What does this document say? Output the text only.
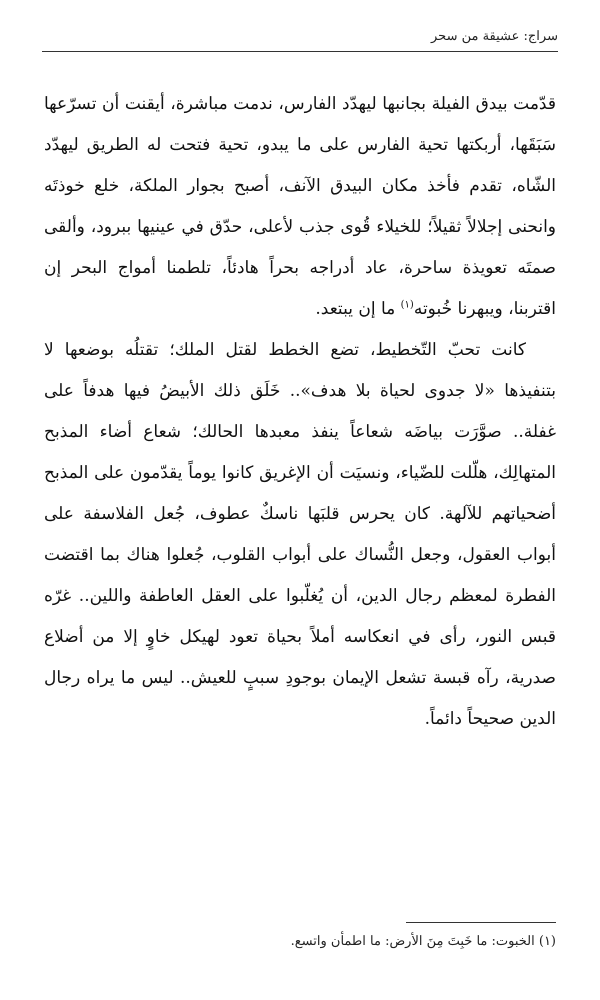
سراج: عشيقة من سحر

قدّمت بيدق الفيلة بجانبها ليهدّد الفارس، ندمت مباشرة، أيقنت أن تسرّعها سَبَقَها، أربكتها تحية الفارس على ما يبدو، تحية فتحت له الطريق ليهدّد الشّاه، تقدم فأخذ مكان البيدق الآنف، أصبح بجوار الملكة، خلع خوذتَه وانحنى إجلالاً ثقيلاً؛ للخيلاء قُوى جذب لأعلى، حدّق في عينيها ببرود، وألقى صمتَه تعويذة ساحرة، عاد أدراجه بحراً هادئاً، تلطمنا أمواج البحر إن اقتربنا، ويبهرنا خُبوته$^{(١)}$ ما إن يبتعد.

كانت تحبّ التّخطيط، تضع الخطط لقتل الملك؛ تقتلُه بوضعها لا بتنفيذها «لا جدوى لحياة بلا هدف».. خَلَق ذلك الأبيضُ فيها هدفاً على غفلة.. صوَّرَت بياضَه شعاعاً ينفذ معبدها الحالك؛ شعاع أضاء المذبح المتهالِك، هلّلت للضّياء، ونسيَت أن الإغريق كانوا يوماً يقدّمون على المذبح أضحياتهم للآلهة. كان يحرس قلبَها ناسكٌ عطوف، جُعل الفلاسفة على أبواب العقول، وجعل النُّساك على أبواب القلوب، جُعلوا هناك بما اقتضت الفطرة لمعظم رجال الدين، أن يُغلّبوا على العقل العاطفة واللين.. غرّه قبس النور، رأى في انعكاسه أملاً بحياة تعود لهيكل خاوٍ إلا من أضلاع صدرية، رآه قبسة تشعل الإيمان بوجودِ سببٍ للعيش.. ليس ما يراه رجال الدين صحيحاً دائماً.

(١) الخبوت: ما خَبِتَ مِنَ الأرض: ما اطمأن واتسع.
